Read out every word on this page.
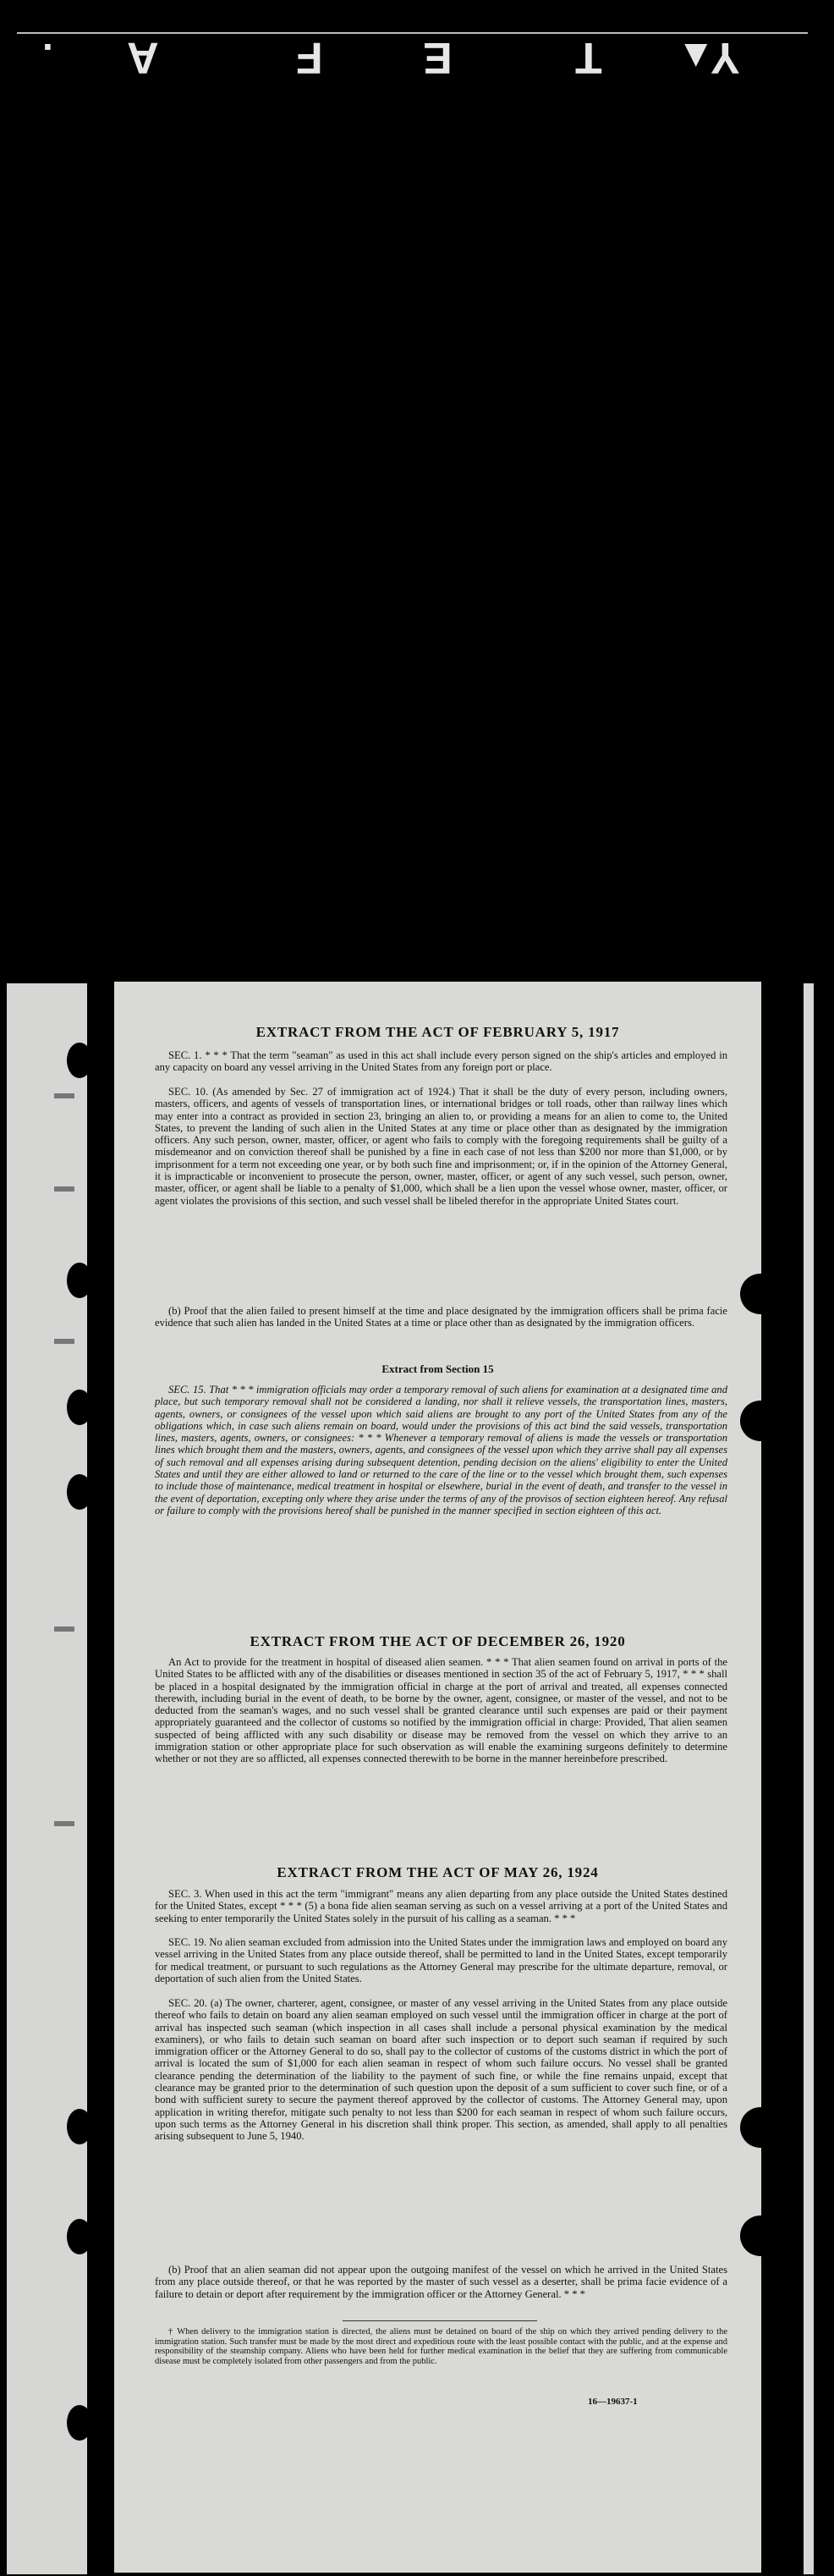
. A	F E	T Y
▲
EXTRACT FROM THE ACT OF FEBRUARY 5, 1917

SEC. 1. * * * That the term "seaman" as used in this act shall include every person signed on the ship's articles and employed in any capacity on board any vessel arriving in the United States from any foreign port or place.

SEC. 10. (As amended by Sec. 27 of immigration act of 1924.) That it shall be the duty of every person, including owners, masters, officers, and agents of vessels of transportation lines, or international bridges or toll roads, other than railway lines which may enter into a contract as provided in section 23, bringing an alien to, or providing a means for an alien to come to, the United States, to prevent the landing of such alien in the United States at any time or place other than as designated by the immigration officers. Any such person, owner, master, officer, or agent who fails to comply with the foregoing requirements shall be guilty of a misdemeanor and on conviction thereof shall be punished by a fine in each case of not less than $200 nor more than $1,000, or by imprisonment for a term not exceeding one year, or by both such fine and imprisonment; or, if in the opinion of the Attorney General, it is impracticable or inconvenient to prosecute the person, owner, master, officer, or agent of any such vessel, such person, owner, master, officer, or agent shall be liable to a penalty of $1,000, which shall be a lien upon the vessel whose owner, master, officer, or agent violates the provisions of this section, and such vessel shall be libeled therefor in the appropriate United States court.

(b) Proof that the alien failed to present himself at the time and place designated by the immigration officers shall be prima facie evidence that such alien has landed in the United States at a time or place other than as designated by the immigration officers.

Extract from Section 15

SEC. 15. That * * * immigration officials may order a temporary removal of such aliens for examination at a designated time and place, but such temporary removal shall not be considered a landing, nor shall it relieve vessels, the transportation lines, masters, agents, owners, or consignees of the vessel upon which said aliens are brought to any port of the United States from any of the obligations which, in case such aliens remain on board, would under the provisions of this act bind the said vessels, transportation lines, masters, agents, owners, or consignees: * * * Whenever a temporary removal of aliens is made the vessels or transportation lines which brought them and the masters, owners, agents, and consignees of the vessel upon which they arrive shall pay all expenses of such removal and all expenses arising during subsequent detention, pending decision on the aliens' eligibility to enter the United States and until they are either allowed to land or returned to the care of the line or to the vessel which brought them, such expenses to include those of maintenance, medical treatment in hospital or elsewhere, burial in the event of death, and transfer to the vessel in the event of deportation, excepting only where they arise under the terms of any of the provisos of section eighteen hereof. Any refusal or failure to comply with the provisions hereof shall be punished in the manner specified in section eighteen of this act.

EXTRACT FROM THE ACT OF DECEMBER 26, 1920

An Act to provide for the treatment in hospital of diseased alien seamen. * * * That alien seamen found on arrival in ports of the United States to be afflicted with any of the disabilities or diseases mentioned in section 35 of the act of February 5, 1917, * * * shall be placed in a hospital designated by the immigration official in charge at the port of arrival and treated, all expenses connected therewith, including burial in the event of death, to be borne by the owner, agent, consignee, or master of the vessel, and not to be deducted from the seaman's wages, and no such vessel shall be granted clearance until such expenses are paid or their payment appropriately guaranteed and the collector of customs so notified by the immigration official in charge: Provided, That alien seamen suspected of being afflicted with any such disability or disease may be removed from the vessel on which they arrive to an immigration station or other appropriate place for such observation as will enable the examining surgeons definitely to determine whether or not they are so afflicted, all expenses connected therewith to be borne in the manner hereinbefore prescribed.

EXTRACT FROM THE ACT OF MAY 26, 1924

SEC. 3. When used in this act the term "immigrant" means any alien departing from any place outside the United States destined for the United States, except * * * (5) a bona fide alien seaman serving as such on a vessel arriving at a port of the United States and seeking to enter temporarily the United States solely in the pursuit of his calling as a seaman. * * *

SEC. 19. No alien seaman excluded from admission into the United States under the immigration laws and employed on board any vessel arriving in the United States from any place outside thereof, shall be permitted to land in the United States, except temporarily for medical treatment, or pursuant to such regulations as the Attorney General may prescribe for the ultimate departure, removal, or deportation of such alien from the United States.

SEC. 20. (a) The owner, charterer, agent, consignee, or master of any vessel arriving in the United States from any place outside thereof who fails to detain on board any alien seaman employed on such vessel until the immigration officer in charge at the port of arrival has inspected such seaman (which inspection in all cases shall include a personal physical examination by the medical examiners), or who fails to detain such seaman on board after such inspection or to deport such seaman if required by such immigration officer or the Attorney General to do so, shall pay to the collector of customs of the customs district in which the port of arrival is located the sum of $1,000 for each alien seaman in respect of whom such failure occurs. No vessel shall be granted clearance pending the determination of the liability to the payment of such fine, or while the fine remains unpaid, except that clearance may be granted prior to the determination of such question upon the deposit of a sum sufficient to cover such fine, or of a bond with sufficient surety to secure the payment thereof approved by the collector of customs. The Attorney General may, upon application in writing therefor, mitigate such penalty to not less than $200 for each seaman in respect of whom such failure occurs, upon such terms as the Attorney General in his discretion shall think proper. This section, as amended, shall apply to all penalties arising subsequent to June 5, 1940.

(b) Proof that an alien seaman did not appear upon the outgoing manifest of the vessel on which he arrived in the United States from any place outside thereof, or that he was reported by the master of such vessel as a deserter, shall be prima facie evidence of a failure to detain or deport after requirement by the immigration officer or the Attorney General. * * *

† When delivery to the immigration station is directed, the aliens must be detained on board of the ship on which they arrived pending delivery to the immigration station. Such transfer must be made by the most direct and expeditious route with the least possible contact with the public, and at the expense and responsibility of the steamship company. Aliens who have been held for further medical examination in the belief that they are suffering from communicable disease must be completely isolated from other passengers and from the public.

16—19637-1
